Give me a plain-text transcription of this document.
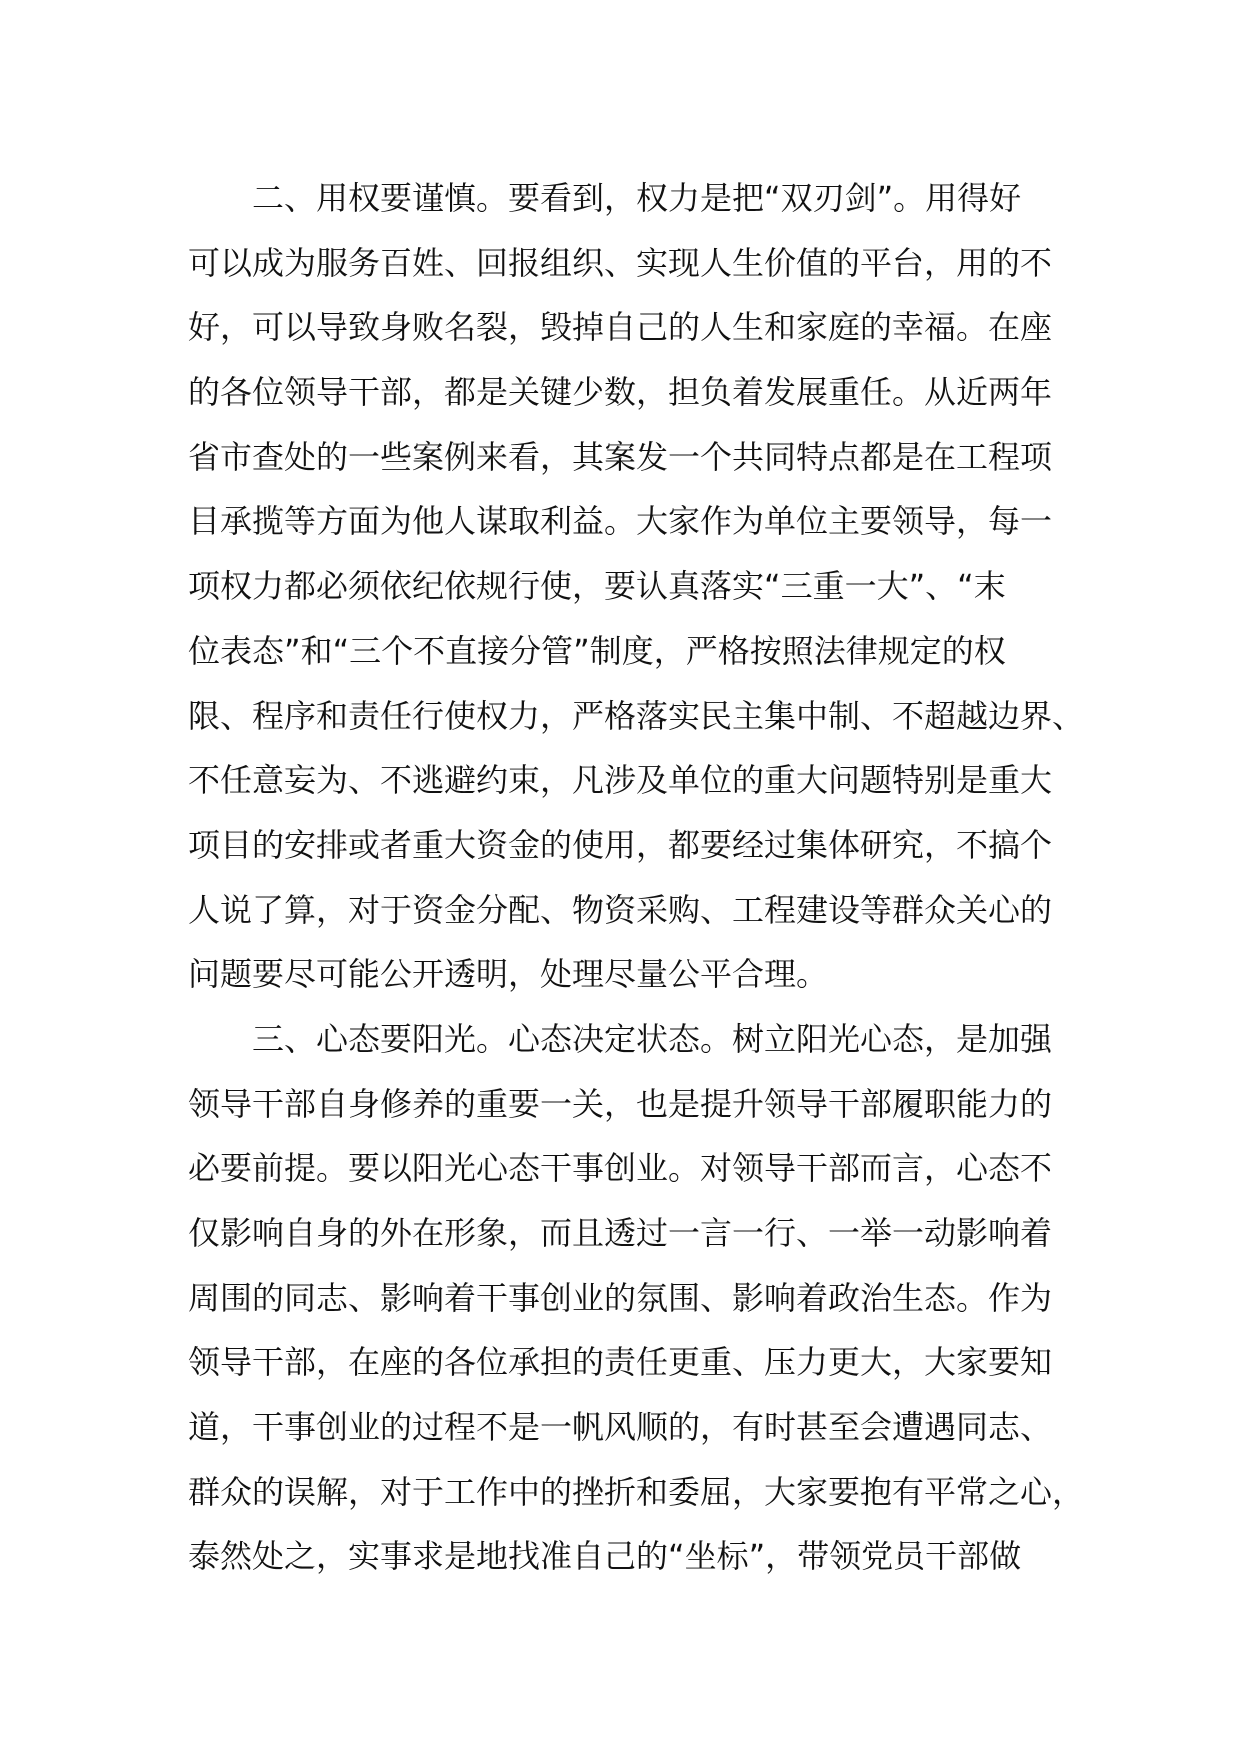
　　二、用权要谨慎。要看到，权力是把“双刃剑”。用得好
可以成为服务百姓、回报组织、实现人生价值的平台，用的不
好，可以导致身败名裂，毁掉自己的人生和家庭的幸福。在座
的各位领导干部，都是关键少数，担负着发展重任。从近两年
省市查处的一些案例来看，其案发一个共同特点都是在工程项
目承揽等方面为他人谋取利益。大家作为单位主要领导，每一
项权力都必须依纪依规行使，要认真落实“三重一大”、“末
位表态”和“三个不直接分管”制度，严格按照法律规定的权
限、程序和责任行使权力，严格落实民主集中制、不超越边界、
不任意妄为、不逃避约束，凡涉及单位的重大问题特别是重大
项目的安排或者重大资金的使用，都要经过集体研究，不搞个
人说了算，对于资金分配、物资采购、工程建设等群众关心的
问题要尽可能公开透明，处理尽量公平合理。
　　三、心态要阳光。心态决定状态。树立阳光心态，是加强
领导干部自身修养的重要一关，也是提升领导干部履职能力的
必要前提。要以阳光心态干事创业。对领导干部而言，心态不
仅影响自身的外在形象，而且透过一言一行、一举一动影响着
周围的同志、影响着干事创业的氛围、影响着政治生态。作为
领导干部，在座的各位承担的责任更重、压力更大，大家要知
道，干事创业的过程不是一帆风顺的，有时甚至会遭遇同志、
群众的误解，对于工作中的挫折和委屈，大家要抱有平常之心，
泰然处之，实事求是地找准自己的“坐标”，带领党员干部做
